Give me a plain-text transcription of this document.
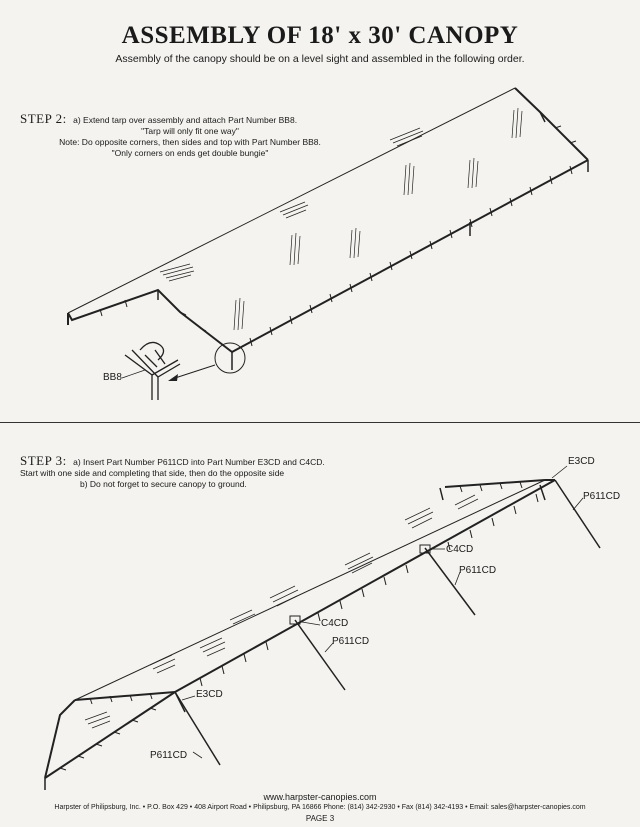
ASSEMBLY OF 18' x 30' CANOPY
Assembly of the canopy should be on a level sight and assembled in the following order.
STEP 2: a) Extend tarp over assembly and attach Part Number BB8.
"Tarp will only fit one way"
Note: Do opposite corners, then sides and top with Part Number BB8.
"Only corners on ends get double bungie"
STEP 3: a) Insert Part Number P611CD into Part Number E3CD and C4CD.
Start with one side and completing that side, then do the opposite side
b) Do not forget to secure canopy to ground.
BB8
E3CD
P611CD
C4CD
P611CD
C4CD
P611CD
E3CD
P611CD
www.harpster-canopies.com
Harpster of Philipsburg, Inc. • P.O. Box 429 • 408 Airport Road • Philipsburg, PA 16866 Phone: (814) 342-2930 • Fax (814) 342-4193 • Email: sales@harpster-canopies.com
PAGE 3
